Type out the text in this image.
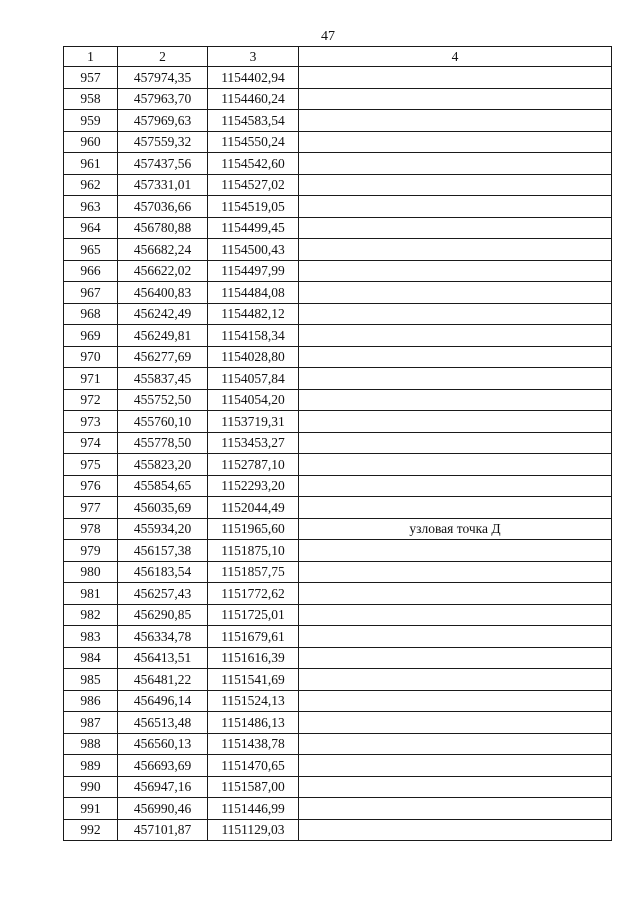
47
1	2	3	4
957	457974,35	1154402,94	
958	457963,70	1154460,24	
959	457969,63	1154583,54	
960	457559,32	1154550,24	
961	457437,56	1154542,60	
962	457331,01	1154527,02	
963	457036,66	1154519,05	
964	456780,88	1154499,45	
965	456682,24	1154500,43	
966	456622,02	1154497,99	
967	456400,83	1154484,08	
968	456242,49	1154482,12	
969	456249,81	1154158,34	
970	456277,69	1154028,80	
971	455837,45	1154057,84	
972	455752,50	1154054,20	
973	455760,10	1153719,31	
974	455778,50	1153453,27	
975	455823,20	1152787,10	
976	455854,65	1152293,20	
977	456035,69	1152044,49	
978	455934,20	1151965,60	узловая точка Д
979	456157,38	1151875,10	
980	456183,54	1151857,75	
981	456257,43	1151772,62	
982	456290,85	1151725,01	
983	456334,78	1151679,61	
984	456413,51	1151616,39	
985	456481,22	1151541,69	
986	456496,14	1151524,13	
987	456513,48	1151486,13	
988	456560,13	1151438,78	
989	456693,69	1151470,65	
990	456947,16	1151587,00	
991	456990,46	1151446,99	
992	457101,87	1151129,03	
